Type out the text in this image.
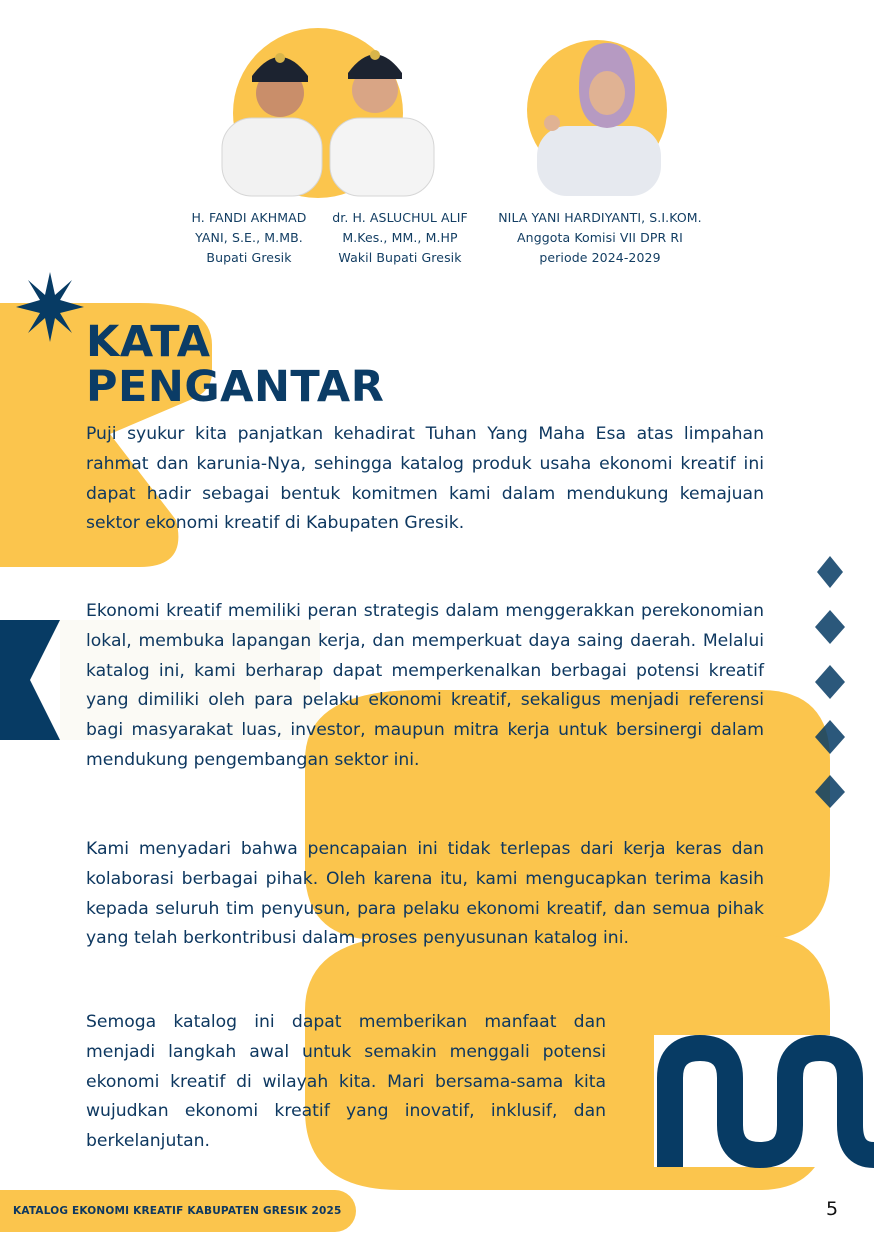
H. FANDI AKHMAD
YANI, S.E., M.MB.
Bupati Gresik
dr. H. ASLUCHUL ALIF
M.Kes., MM., M.HP
Wakil Bupati Gresik
NILA YANI HARDIYANTI, S.I.KOM.
Anggota Komisi VII DPR RI
periode 2024-2029
KATA
PENGANTAR

Puji syukur kita panjatkan kehadirat Tuhan Yang Maha Esa atas limpahan rahmat dan karunia-Nya, sehingga katalog produk usaha ekonomi kreatif ini dapat hadir sebagai bentuk komitmen kami dalam mendukung kemajuan sektor ekonomi kreatif di Kabupaten Gresik.

Ekonomi kreatif memiliki peran strategis dalam menggerakkan perekonomian lokal, membuka lapangan kerja, dan memperkuat daya saing daerah. Melalui katalog ini, kami berharap dapat memperkenalkan berbagai potensi kreatif yang dimiliki oleh para pelaku ekonomi kreatif, sekaligus menjadi referensi bagi masyarakat luas, investor, maupun mitra kerja untuk bersinergi dalam mendukung pengembangan sektor ini.

Kami menyadari bahwa pencapaian ini tidak terlepas dari kerja keras dan kolaborasi berbagai pihak. Oleh karena itu, kami mengucapkan terima kasih kepada seluruh tim penyusun, para pelaku ekonomi kreatif, dan semua pihak yang telah berkontribusi dalam proses penyusunan katalog ini.

Semoga katalog ini dapat memberikan manfaat dan menjadi langkah awal untuk semakin menggali potensi ekonomi kreatif di wilayah kita. Mari bersama-sama kita wujudkan ekonomi kreatif yang inovatif, inklusif, dan berkelanjutan.

KATALOG EKONOMI KREATIF KABUPATEN GRESIK 2025	5
